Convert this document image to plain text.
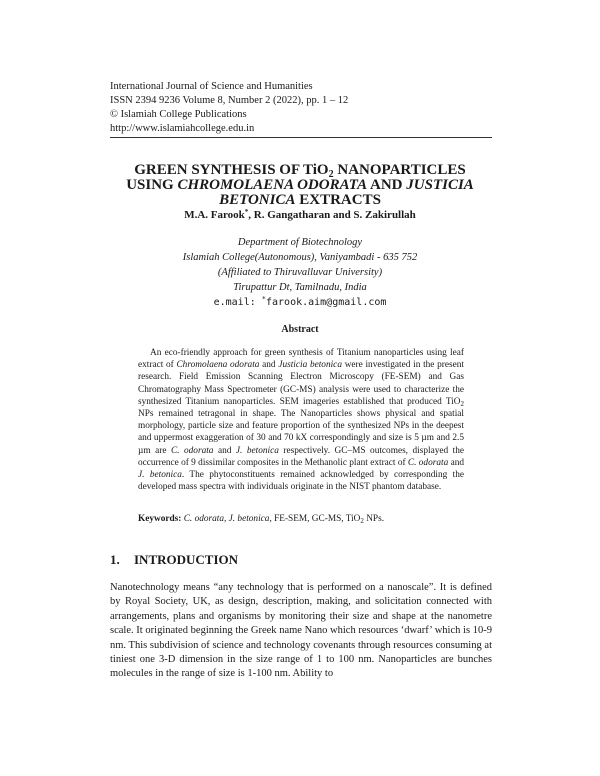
International Journal of Science and Humanities
ISSN 2394 9236 Volume 8, Number 2 (2022), pp. 1 – 12
© Islamiah College Publications
http://www.islamiahcollege.edu.in
GREEN SYNTHESIS OF TiO$_2$ NANOPARTICLES
USING CHROMOLAENA ODORATA AND JUSTICIA
BETONICA EXTRACTS
M.A. Farook*, R. Gangatharan and S. Zakirullah
Department of Biotechnology
Islamiah College(Autonomous), Vaniyambadi - 635 752
(Affiliated to Thiruvalluvar University)
Tirupattur Dt, Tamilnadu, India
e.mail: *farook.aim@gmail.com
Abstract

An eco-friendly approach for green synthesis of Titanium nanoparticles using leaf extract of Chromolaena odorata and Justicia betonica were investigated in the present research. Field Emission Scanning Electron Microscopy (FE-SEM) and Gas Chromatography Mass Spectrometer (GC-MS) analysis were used to characterize the synthesized Titanium nanoparticles. SEM imageries established that produced TiO$_2$ NPs remained tetragonal in shape. The Nanoparticles shows physical and spatial morphology, particle size and feature proportion of the synthesized NPs in the deepest and uppermost exaggeration of 30 and 70 kX correspondingly and size is 5 µm and 2.5 µm are C. odorata and J. betonica respectively. GC–MS outcomes, displayed the occurrence of 9 dissimilar composites in the Methanolic plant extract of C. odorata and J. betonica. The phytoconstituents remained acknowledged by corresponding the developed mass spectra with individuals originate in the NIST phantom database.

Keywords: C. odorata, J. betonica, FE-SEM, GC-MS, TiO$_2$ NPs.
1. INTRODUCTION

Nanotechnology means “any technology that is performed on a nanoscale”. It is defined by Royal Society, UK, as design, description, making, and solicitation connected with arrangements, plans and organisms by monitoring their size and shape at the nanometre scale. It originated beginning the Greek name Nano which resources ‘dwarf’ which is 10-9 nm. This subdivision of science and technology covenants through resources consuming at tiniest one 3-D dimension in the size range of 1 to 100 nm. Nanoparticles are bunches molecules in the range of size is 1-100 nm. Ability to
